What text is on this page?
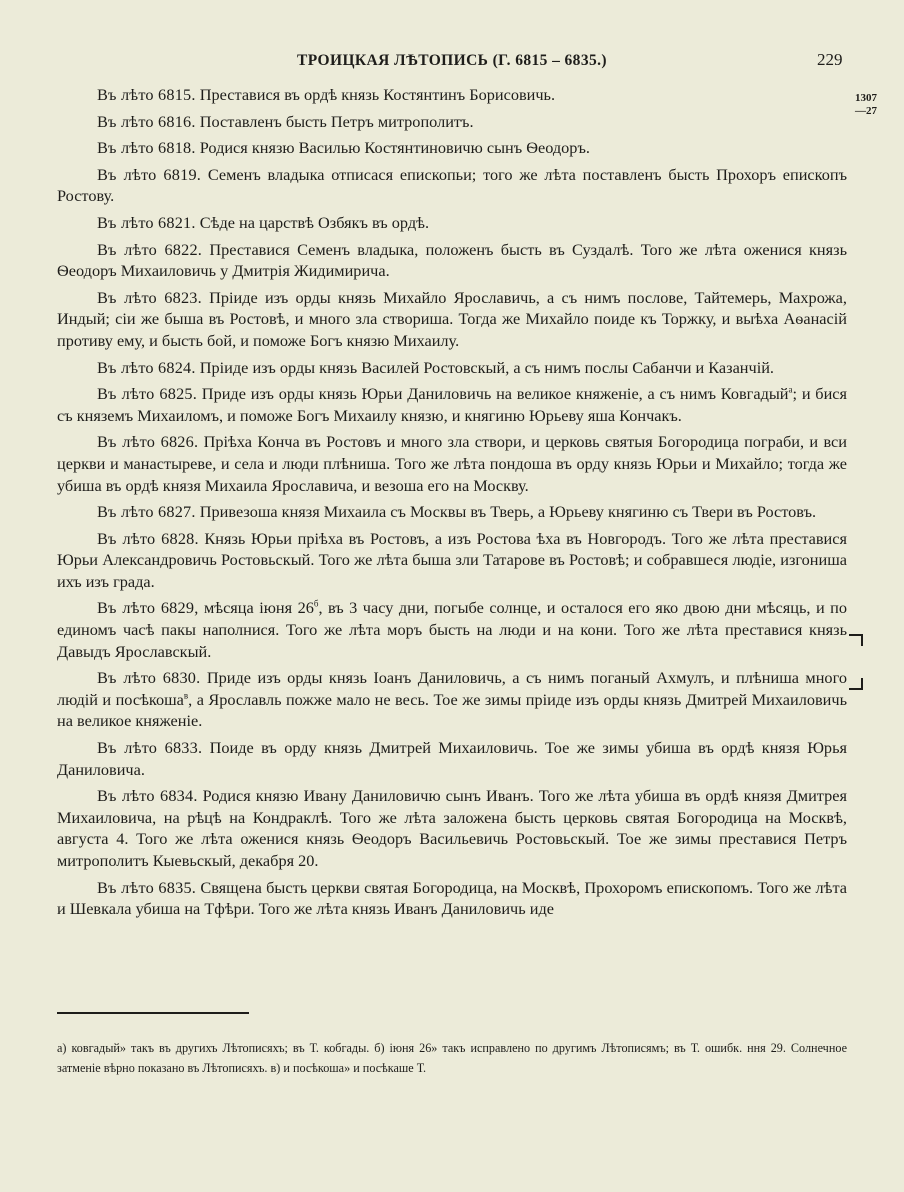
ТРОИЦКАЯ ЛѢТОПИСЬ (Г. 6815 – 6835.)	229
1307
—27

Въ лѣто 6815. Преставися въ ордѣ князь Костянтинъ Борисовичь.

Въ лѣто 6816. Поставленъ бысть Петръ митрополитъ.

Въ лѣто 6818. Родися князю Василью Костянтиновичю сынъ Ѳеодоръ.

Въ лѣто 6819. Семенъ владыка отписася епископьи; того же лѣта поставленъ бысть Прохоръ епископъ Ростову.

Въ лѣто 6821. Сѣде на царствѣ Озбякъ въ ордѣ.

Въ лѣто 6822. Преставися Семенъ владыка, положенъ бысть въ Суздалѣ. Того же лѣта оженися князь Ѳеодоръ Михаиловичь у Дмитрія Жидимирича.

Въ лѣто 6823. Пріиде изъ орды князь Михайло Ярославичь, а съ нимъ послове, Тайтемерь, Махрожа, Индый; сіи же быша въ Ростовѣ, и много зла створиша. Тогда же Михайло поиде къ Торжку, и выѣха Аѳанасій противу ему, и бысть бой, и поможе Богъ князю Михаилу.

Въ лѣто 6824. Пріиде изъ орды князь Василей Ростовскый, а съ нимъ послы Сабанчи и Казанчій.

Въ лѣто 6825. Приде изъ орды князь Юрьи Даниловичь на великое княженіе, а съ нимъ Ковгадый$^а$; и бися съ княземъ Михаиломъ, и поможе Богъ Михаилу князю, и княгиню Юрьеву яша Кончакъ.

Въ лѣто 6826. Пріѣха Конча въ Ростовъ и много зла створи, и церковь святыя Богородица пограби, и вси церкви и манастыреве, и села и люди плѣниша. Того же лѣта пондоша въ орду князь Юрьи и Михайло; тогда же убиша въ ордѣ князя Михаила Ярославича, и везоша его на Москву.

Въ лѣто 6827. Привезоша князя Михаила съ Москвы въ Тверь, а Юрьеву княгиню съ Твери въ Ростовъ.

Въ лѣто 6828. Князь Юрьи пріѣха въ Ростовъ, а изъ Ростова ѣха въ Новгородъ. Того же лѣта преставися Юрьи Александровичь Ростовьскый. Того же лѣта быша зли Татарове въ Ростовѣ; и собравшеся людіе, изгониша ихъ изъ града.

Въ лѣто 6829, мѣсяца іюня $26^б$, въ 3 часу дни, погыбе солнце, и осталося его яко двою дни мѣсяць, и по единомъ часѣ пакы наполнися. Того же лѣта моръ бысть на люди и на кони. Того же лѣта преставися князь Давыдъ Ярославскый.

Въ лѣто 6830. Приде изъ орды князь Іоанъ Даниловичь, а съ нимъ поганый Ахмулъ, и плѣниша много людій и посѣкоша$^в$, а Ярославль пожже мало не весь. Тое же зимы пріиде изъ орды князь Дмитрей Михаиловичь на великое княженіе.

Въ лѣто 6833. Поиде въ орду князь Дмитрей Михаиловичь. Тое же зимы убиша въ ордѣ князя Юрья Даниловича.

Въ лѣто 6834. Родися князю Ивану Даниловичю сынъ Иванъ. Того же лѣта убиша въ ордѣ князя Дмитрея Михаиловича, на рѣцѣ на Кондраклѣ. Того же лѣта заложена бысть церковь святая Богородица на Москвѣ, августа 4. Того же лѣта оженися князь Ѳеодоръ Васильевичь Ростовьскый. Тое же зимы преставися Петръ митрополитъ Кыевьскый, декабря 20.

Въ лѣто 6835. Священа бысть церкви святая Богородица, на Москвѣ, Прохоромъ епископомъ. Того же лѣта и Шевкала убиша на Тфѣри. Того же лѣта князь Иванъ Даниловичь иде

а) ковгадый» такъ въ другихъ Лѣтописяхъ; въ Т. кобгады. б) іюня 26» такъ исправлено по другимъ Лѣтописямъ; въ Т. ошибк. ння 29. Солнечное затменіе вѣрно показано въ Лѣтописяхъ. в) и посѣкоша» и посѣкаше Т.
